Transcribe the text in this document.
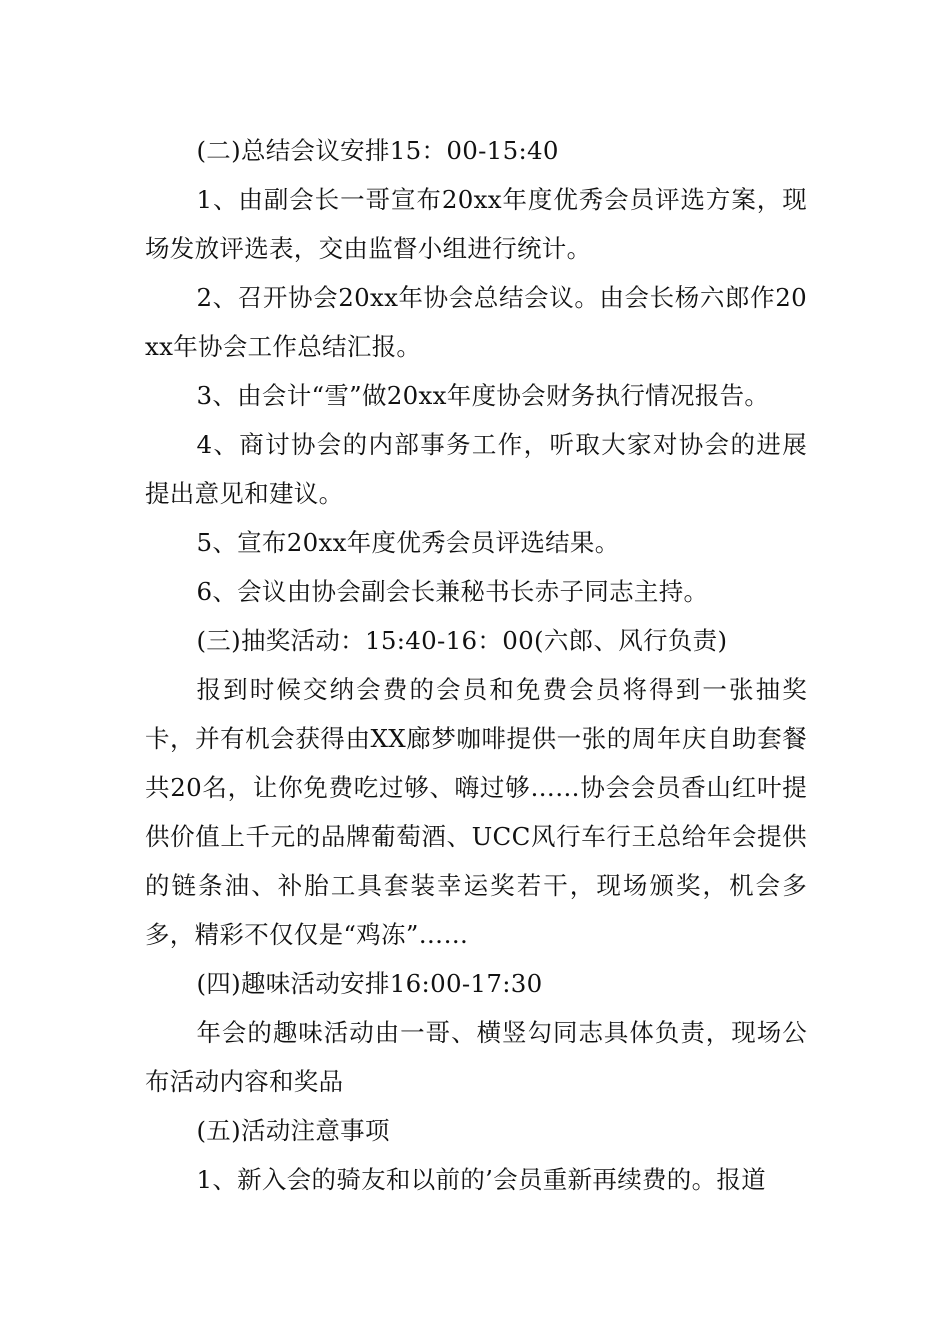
(二)总结会议安排15：00-15:40

1、由副会长一哥宣布20xx年度优秀会员评选方案，现场发放评选表，交由监督小组进行统计。

2、召开协会20xx年协会总结会议。由会长杨六郎作20xx年协会工作总结汇报。

3、由会计“雪”做20xx年度协会财务执行情况报告。

4、商讨协会的内部事务工作，听取大家对协会的进展提出意见和建议。

5、宣布20xx年度优秀会员评选结果。

6、会议由协会副会长兼秘书长赤子同志主持。

(三)抽奖活动：15:40-16：00(六郎、风行负责)

报到时候交纳会费的会员和免费会员将得到一张抽奖卡，并有机会获得由XX廊梦咖啡提供一张的周年庆自助套餐共20名，让你免费吃过够、嗨过够……协会会员香山红叶提供价值上千元的品牌葡萄酒、UCC风行车行王总给年会提供的链条油、补胎工具套装幸运奖若干，现场颁奖，机会多多，精彩不仅仅是“鸡冻”……

(四)趣味活动安排16:00-17:30

年会的趣味活动由一哥、横竖勾同志具体负责，现场公布活动内容和奖品

(五)活动注意事项

1、新入会的骑友和以前的’会员重新再续费的。报道
